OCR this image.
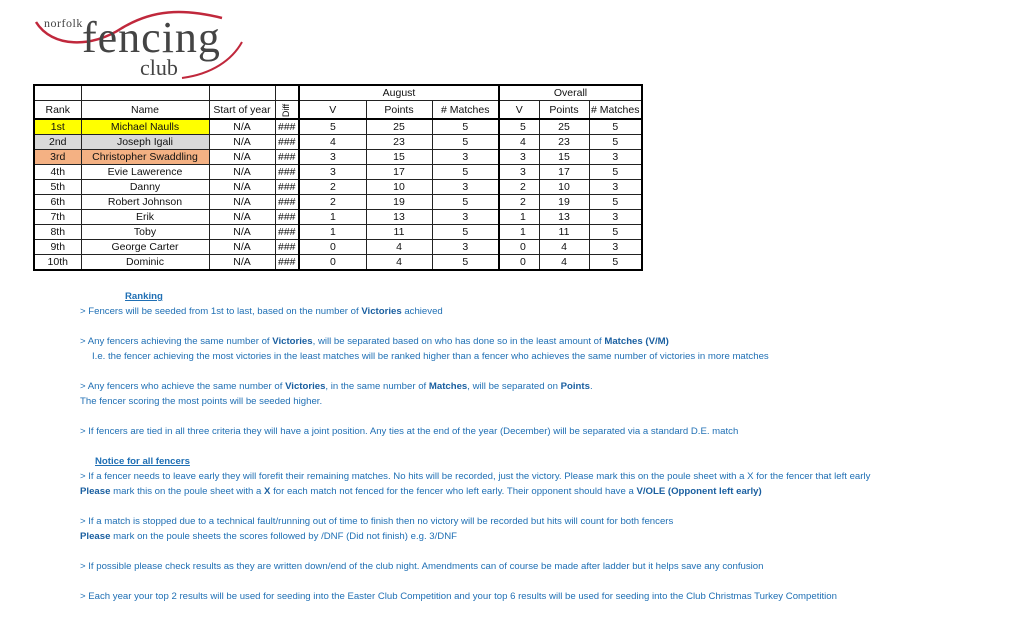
norfolk fencing
club
				August			Overall		
Rank	Name	Start of year	Diff	V	Points	# Matches	V	Points	# Matches
1st	Michael Naulls	N/A	###	5	25	5	5	25	5
2nd	Joseph Igali	N/A	###	4	23	5	4	23	5
3rd	Christopher Swaddling	N/A	###	3	15	3	3	15	3
4th	Evie Lawerence	N/A	###	3	17	5	3	17	5
5th	Danny	N/A	###	2	10	3	2	10	3
6th	Robert Johnson	N/A	###	2	19	5	2	19	5
7th	Erik	N/A	###	1	13	3	1	13	3
8th	Toby	N/A	###	1	11	5	1	11	5
9th	George Carter	N/A	###	0	4	3	0	4	3
10th	Dominic	N/A	###	0	4	5	0	4	5

Ranking

> Fencers will be seeded from 1st to last, based on the number of Victories achieved

> Any fencers achieving the same number of Victories, will be separated based on who has done so in the least amount of Matches (V/M)

I.e. the fencer achieving the most victories in the least matches will be ranked higher than a fencer who achieves the same number of victories in more matches

> Any fencers who achieve the same number of Victories, in the same number of Matches, will be separated on Points.

The fencer scoring the most points will be seeded higher.

> If fencers are tied in all three criteria they will have a joint position. Any ties at the end of the year (December) will be separated via a standard D.E. match

Notice for all fencers

> If a fencer needs to leave early they will forefit their remaining matches. No hits will be recorded, just the victory. Please mark this on the poule sheet with a X for the fencer that left early

Please mark this on the poule sheet with a X for each match not fenced for the fencer who left early. Their opponent should have a V/OLE (Opponent left early)

> If a match is stopped due to a technical fault/running out of time to finish then no victory will be recorded but hits will count for both fencers

Please mark on the poule sheets the scores followed by /DNF (Did not finish) e.g. 3/DNF

> If possible please check results as they are written down/end of the club night. Amendments can of course be made after ladder but it helps save any confusion

> Each year your top 2 results will be used for seeding into the Easter Club Competition and your top 6 results will be used for seeding into the Club Christmas Turkey Competition
